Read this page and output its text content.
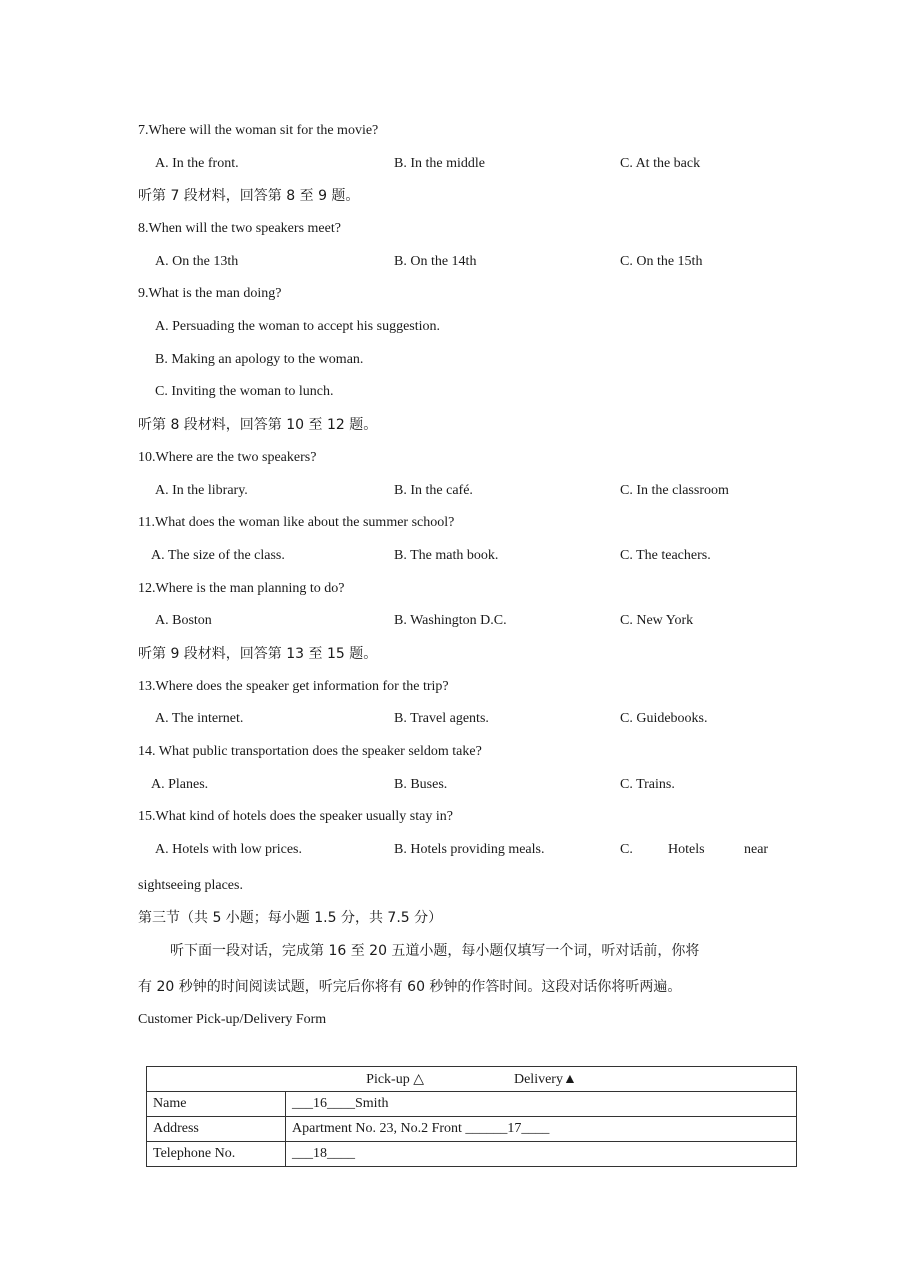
7.Where will the woman sit for the movie?
A. In the front.	B. In the middle	C. At the back
听第 7 段材料，回答第 8 至 9 题。
8.When will the two speakers meet?
A. On the 13th	B. On the 14th	C. On the 15th
9.What is the man doing?
A. Persuading the woman to accept his suggestion.
B. Making an apology to the woman.
C. Inviting the woman to lunch.
听第 8 段材料，回答第 10 至 12 题。
10.Where are the two speakers?
A. In the library.	B. In the café.	C. In the classroom
11.What does the woman like about the summer school?
A. The size of the class.	B. The math book.	C. The teachers.
12.Where is the man planning to do?
A. Boston	B. Washington D.C.	C. New York
听第 9 段材料，回答第 13 至 15 题。
13.Where does the speaker get information for the trip?
A. The internet.	B. Travel agents.	C. Guidebooks.
14. What public transportation does the speaker seldom take?
A. Planes.	B. Buses.	C. Trains.
15.What kind of hotels does the speaker usually stay in?
A. Hotels with low prices.	B. Hotels providing meals.	C.	Hotels	near
sightseeing places.
第三节（共 5 小题；每小题 1.5 分，共 7.5 分）
听下面一段对话，完成第 16 至 20 五道小题，每小题仅填写一个词，听对话前，你将
有 20 秒钟的时间阅读试题，听完后你将有 60 秒钟的作答时间。这段对话你将听两遍。
Customer Pick-up/Delivery Form
Pick-up △ Delivery▲	
Name	___16____Smith
Address	Apartment No. 23, No.2 Front ______17____
Telephone No.	___18____
